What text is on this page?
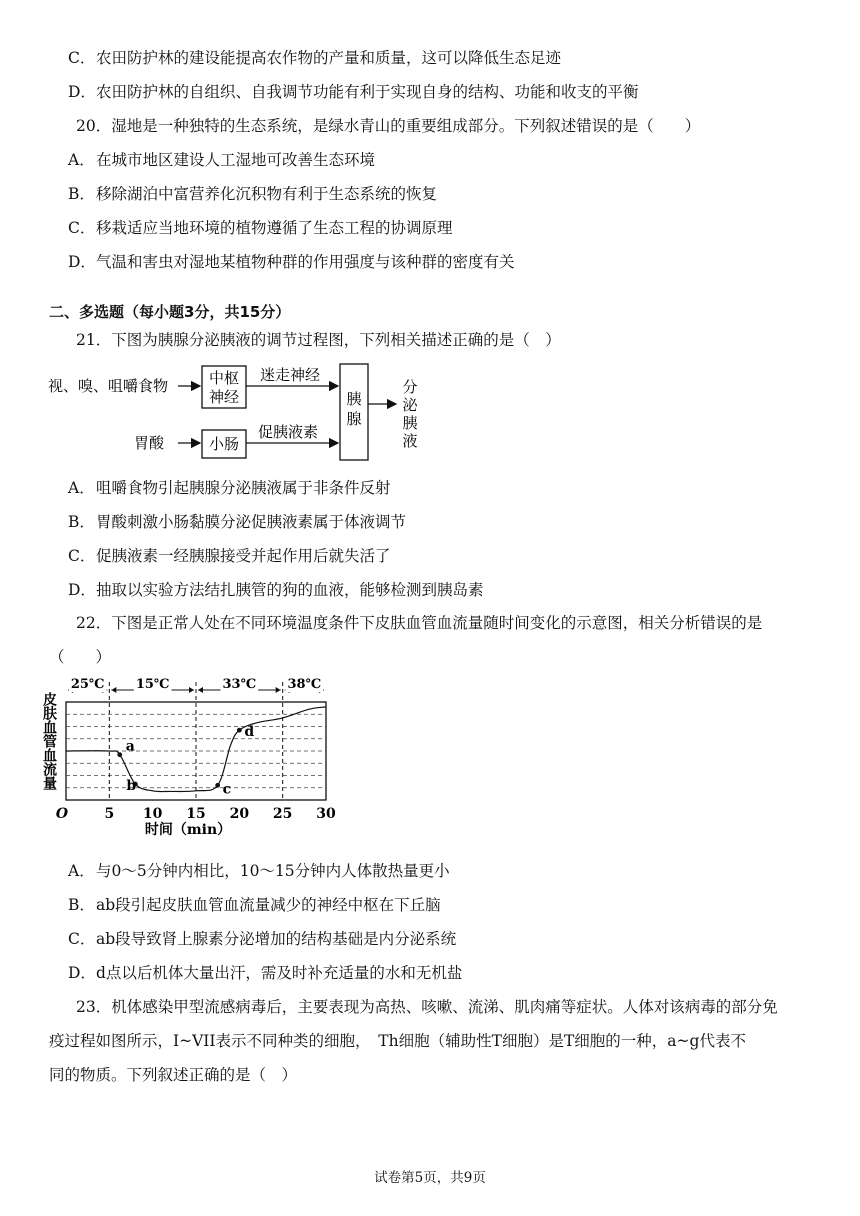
C．农田防护林的建设能提高农作物的产量和质量，这可以降低生态足迹
D．农田防护林的自组织、自我调节功能有利于实现自身的结构、功能和收支的平衡
20．湿地是一种独特的生态系统，是绿水青山的重要组成部分。下列叙述错误的是（　　）
A．在城市地区建设人工湿地可改善生态环境
B．移除湖泊中富营养化沉积物有利于生态系统的恢复
C．移栽适应当地环境的植物遵循了生态工程的协调原理
D．气温和害虫对湿地某植物种群的作用强度与该种群的密度有关
二、多选题（每小题3分，共15分）
21．下图为胰腺分泌胰液的调节过程图，下列相关描述正确的是（　）
视、嗅、咀嚼食物	中枢
神经
迷走神经
胃酸	小肠
促胰液素
胰
腺
分
泌
胰
液
A．咀嚼食物引起胰腺分泌胰液属于非条件反射
B．胃酸刺激小肠黏膜分泌促胰液素属于体液调节
C．促胰液素一经胰腺接受并起作用后就失活了
D．抽取以实验方法结扎胰管的狗的血液，能够检测到胰岛素
22．下图是正常人处在不同环境温度条件下皮肤血管血流量随时间变化的示意图，相关分析错误的是
（　　）
25℃ 15℃	33℃ 38℃
O	5 10 15 20 25 30
a
b	c
d
皮肤血管血流量
时间（min）
A．与0～5分钟内相比，10～15分钟内人体散热量更小
B．ab段引起皮肤血管血流量减少的神经中枢在下丘脑
C．ab段导致肾上腺素分泌增加的结构基础是内分泌系统
D．d点以后机体大量出汗，需及时补充适量的水和无机盐
23．机体感染甲型流感病毒后，主要表现为高热、咳嗽、流涕、肌肉痛等症状。人体对该病毒的部分免
疫过程如图所示，I~VII表示不同种类的细胞，　Th细胞（辅助性T细胞）是T细胞的一种，a~g代表不
同的物质。下列叙述正确的是（　）
试卷第5页，共9页
